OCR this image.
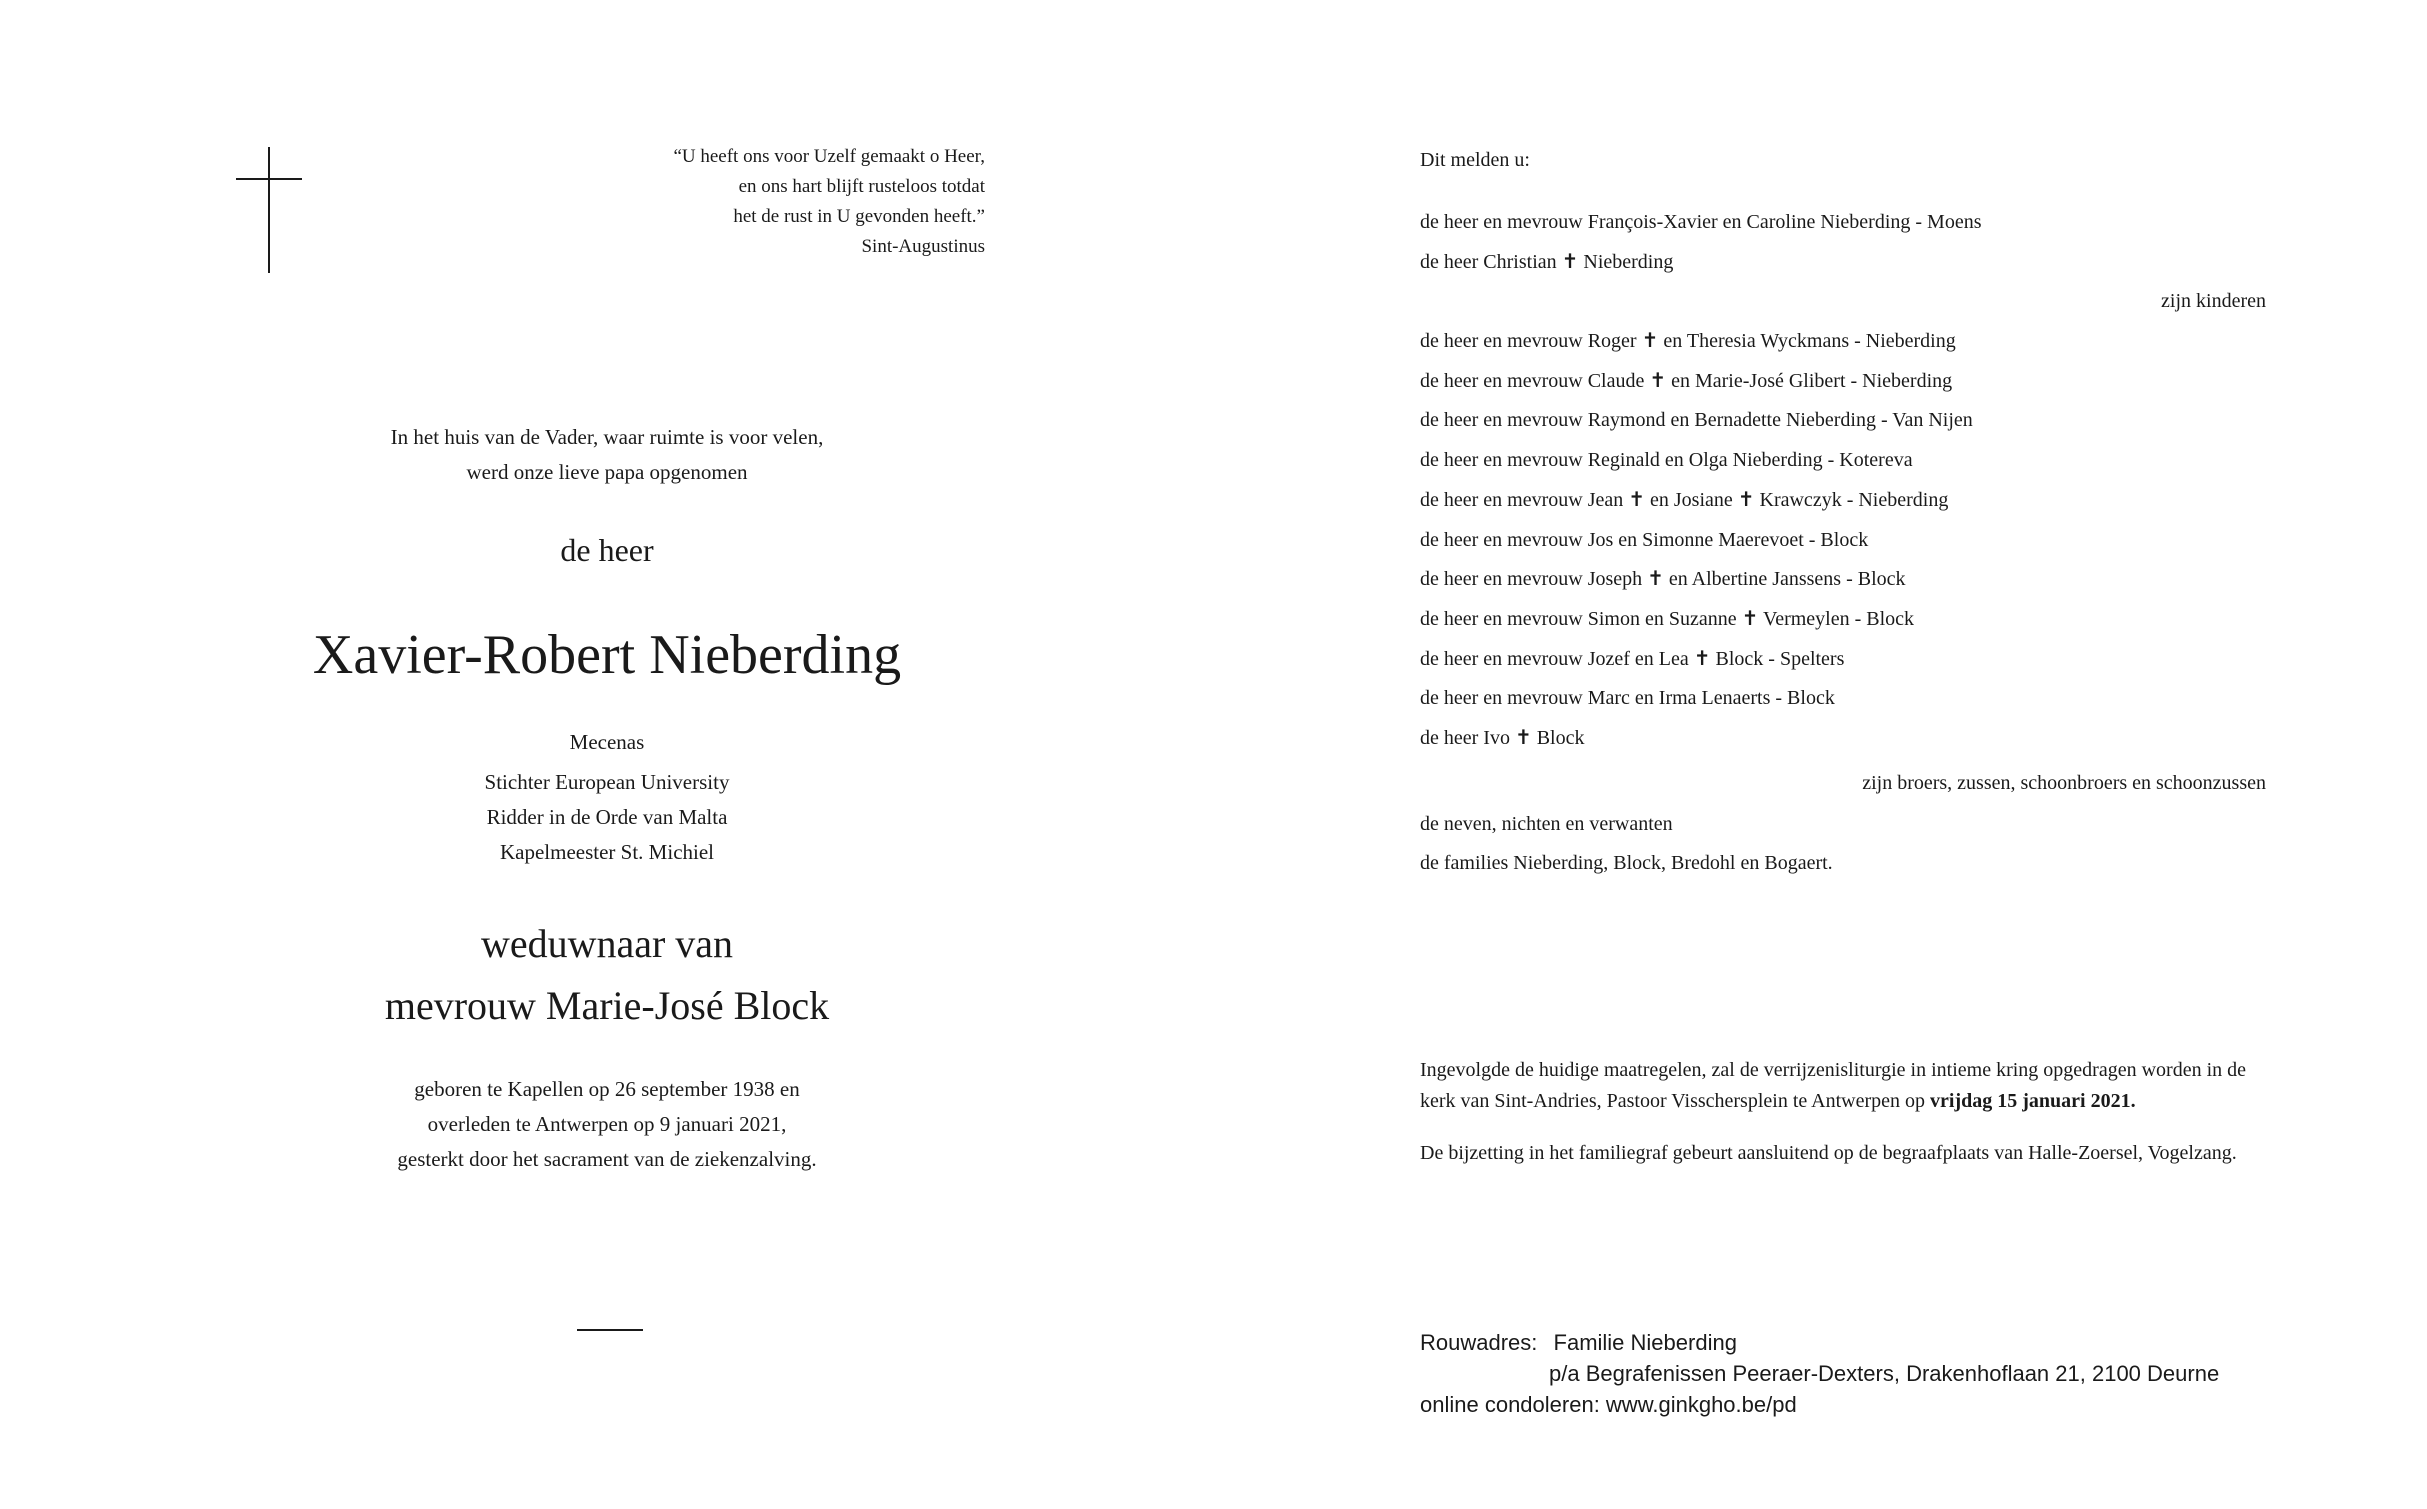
“U heeft ons voor Uzelf gemaakt o Heer,
en ons hart blijft rusteloos totdat
het de rust in U gevonden heeft.”
Sint-Augustinus
In het huis van de Vader, waar ruimte is voor velen,
werd onze lieve papa opgenomen
de heer
Xavier-Robert Nieberding
Mecenas
Stichter European University
Ridder in de Orde van Malta
Kapelmeester St. Michiel
weduwnaar van
mevrouw Marie-José Block
geboren te Kapellen op 26 september 1938 en
overleden te Antwerpen op 9 januari 2021,
gesterkt door het sacrament van de ziekenzalving.
Dit melden u:
de heer en mevrouw François-Xavier en Caroline Nieberding - Moens
de heer Christian ✝ Nieberding
zijn kinderen
de heer en mevrouw Roger ✝ en Theresia Wyckmans - Nieberding
de heer en mevrouw Claude ✝ en Marie-José Glibert - Nieberding
de heer en mevrouw Raymond en Bernadette Nieberding - Van Nijen
de heer en mevrouw Reginald en Olga Nieberding - Kotereva
de heer en mevrouw Jean ✝ en Josiane ✝ Krawczyk - Nieberding
de heer en mevrouw Jos en Simonne Maerevoet - Block
de heer en mevrouw Joseph ✝ en Albertine Janssens - Block
de heer en mevrouw Simon en Suzanne ✝ Vermeylen - Block
de heer en mevrouw Jozef en Lea ✝ Block - Spelters
de heer en mevrouw Marc en Irma Lenaerts - Block
de heer Ivo ✝ Block
zijn broers, zussen, schoonbroers en schoonzussen
de neven, nichten en verwanten
de families Nieberding, Block, Bredohl en Bogaert.

Ingevolgde de huidige maatregelen, zal de verrijzenisliturgie in intieme kring opgedragen worden in de kerk van Sint-Andries, Pastoor Visschersplein te Antwerpen op vrijdag 15 januari 2021.

De bijzetting in het familiegraf gebeurt aansluitend op de begraafplaats van Halle-Zoersel, Vogelzang.

Rouwadres: Familie Nieberding
p/a Begrafenissen Peeraer-Dexters, Drakenhoflaan 21, 2100 Deurne
online condoleren: www.ginkgho.be/pd
